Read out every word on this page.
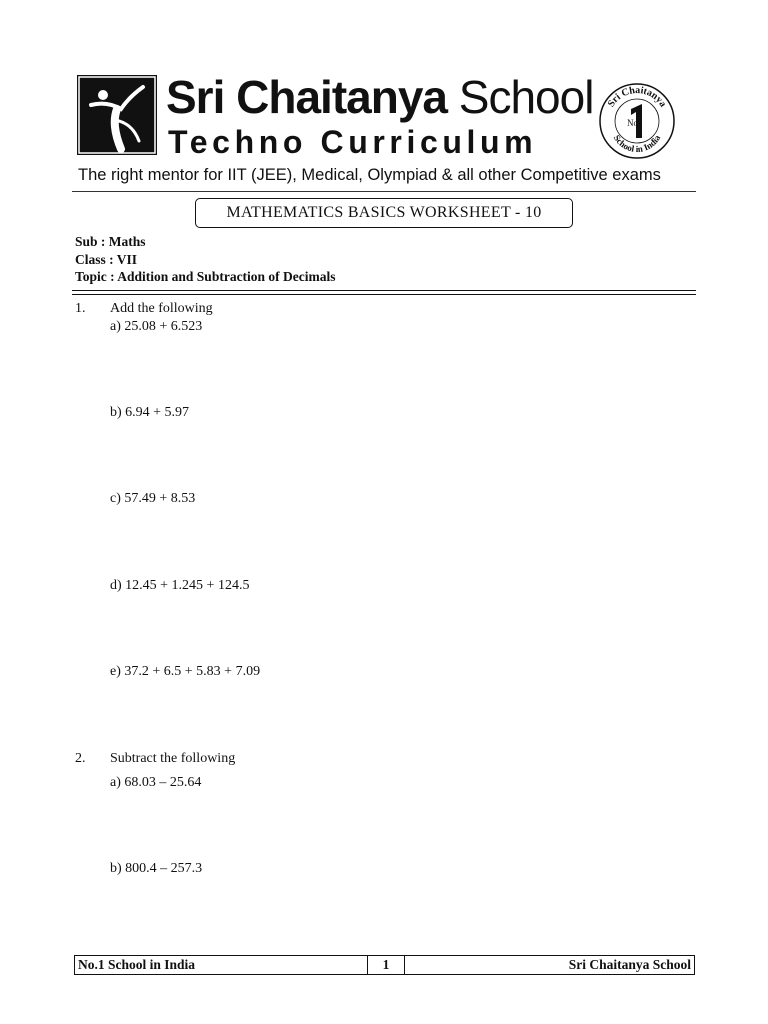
Sri Chaitanya School
Techno Curriculum
Sri Chaitanya
School in India
No
The right mentor for IIT (JEE), Medical, Olympiad & all other Competitive exams
MATHEMATICS BASICS WORKSHEET - 10
Sub : Maths
Class : VII
Topic : Addition and Subtraction of Decimals
1. Add the following
a) 25.08 + 6.523
b) 6.94 + 5.97
c) 57.49 + 8.53
d) 12.45 + 1.245 + 124.5
e) 37.2 + 6.5 + 5.83 + 7.09
2. Subtract the following
a) 68.03 – 25.64
b) 800.4 – 257.3
No.1 School in India	1	Sri Chaitanya School
